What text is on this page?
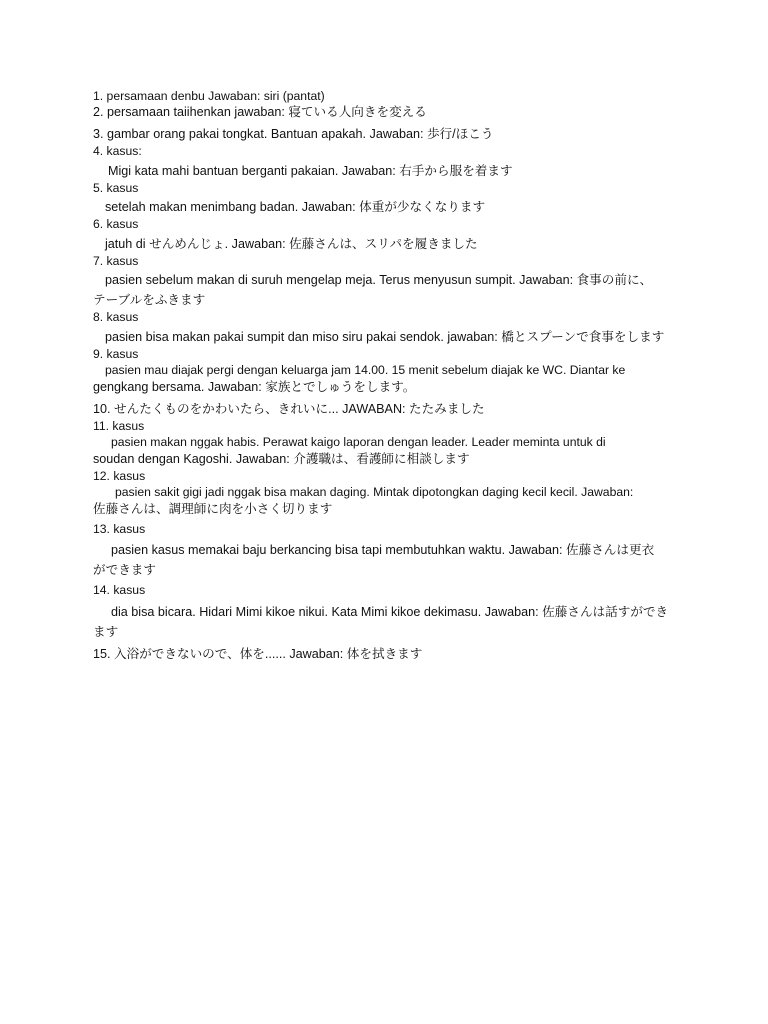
1. persamaan denbu Jawaban: siri (pantat)

2. persamaan taiihenkan jawaban: 寝ている人向きを変える

3. gambar orang pakai tongkat. Bantuan apakah. Jawaban: 歩行/ほこう

4. kasus:

Migi kata mahi bantuan berganti pakaian. Jawaban: 右手から服を着ます

5. kasus

setelah makan menimbang badan. Jawaban: 体重が少なくなります

6. kasus

jatuh di せんめんじょ. Jawaban: 佐藤さんは、スリパを履きました

7. kasus

pasien sebelum makan di suruh mengelap meja. Terus menyusun sumpit. Jawaban: 食事の前に、

テーブルをふきます

8. kasus

pasien bisa makan pakai sumpit dan miso siru pakai sendok. jawaban: 橋とスプーンで食事をします

9. kasus

pasien mau diajak pergi dengan keluarga jam 14.00. 15 menit sebelum diajak ke WC. Diantar ke

gengkang bersama. Jawaban: 家族とでしゅうをします。

10. せんたくものをかわいたら、きれいに... JAWABAN: たたみました

11. kasus

pasien makan nggak habis. Perawat kaigo laporan dengan leader. Leader meminta untuk di

soudan dengan Kagoshi. Jawaban: 介護職は、看護師に相談します

12. kasus

pasien sakit gigi jadi nggak bisa makan daging. Mintak dipotongkan daging kecil kecil. Jawaban:

佐藤さんは、調理師に肉を小さく切ります

13. kasus

pasien kasus memakai baju berkancing bisa tapi membutuhkan waktu. Jawaban: 佐藤さんは更衣

ができます

14. kasus

dia bisa bicara. Hidari Mimi kikoe nikui. Kata Mimi kikoe dekimasu. Jawaban: 佐藤さんは話すができ

ます

15. 入浴ができないので、体を...... Jawaban: 体を拭きます
